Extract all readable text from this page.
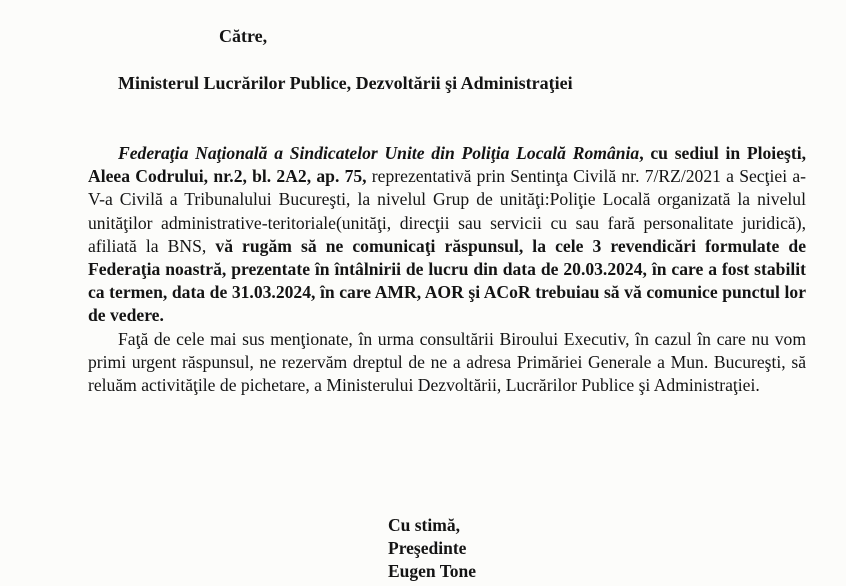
Către,
Ministerul Lucrărilor Publice, Dezvoltării şi Administraţiei

Federaţia Naţională a Sindicatelor Unite din Poliţia Locală România, cu sediul in Ploieşti, Aleea Codrului, nr.2, bl. 2A2, ap. 75, reprezentativă prin Sentinţa Civilă nr. 7/RZ/2021 a Secţiei a-V-a Civilă a Tribunalului Bucureşti, la nivelul Grup de unităţi:Poliţie Locală organizată la nivelul unităţilor administrative-teritoriale(unităţi, direcţii sau servicii cu sau fară personalitate juridică), afiliată la BNS, vă rugăm să ne comunicaţi răspunsul, la cele 3 revendicări formulate de Federaţia noastră, prezentate în întâlnirii de lucru din data de 20.03.2024, în care a fost stabilit ca termen, data de 31.03.2024, în care AMR, AOR şi ACoR trebuiau să vă comunice punctul lor de vedere.

Faţă de cele mai sus menţionate, în urma consultării Biroului Executiv, în cazul în care nu vom primi urgent răspunsul, ne rezervăm dreptul de ne a adresa Primăriei Generale a Mun. Bucureşti, să reluăm activităţile de pichetare, a Ministerului Dezvoltării, Lucrărilor Publice şi Administraţiei.

Cu stimă,
Preşedinte
Eugen Tone
